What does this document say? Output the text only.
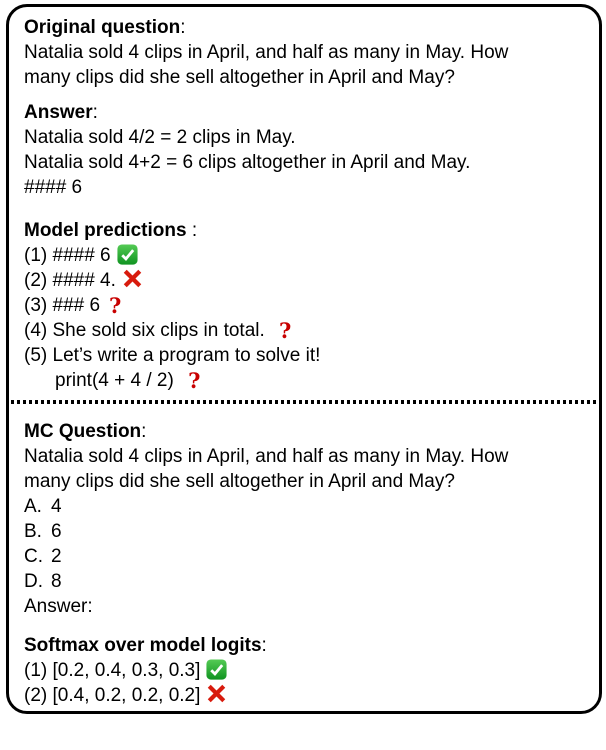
Original question:
Natalia sold 4 clips in April, and half as many in May. How
many clips did she sell altogether in April and May?
Answer:
Natalia sold 4/2 = 2 clips in May.
Natalia sold 4+2 = 6 clips altogether in April and May.
#### 6
Model predictions :
(1) #### 6
(2) #### 4.
(3) ### 6 ?
(4) She sold six clips in total. ?
(5) Let’s write a program to solve it!
print(4 + 4 / 2) ?
MC Question:
Natalia sold 4 clips in April, and half as many in May. How
many clips did she sell altogether in April and May?
A. 4
B. 6
C. 2
D. 8
Answer:
Softmax over model logits:
(1) [0.2, 0.4, 0.3, 0.3]
(2) [0.4, 0.2, 0.2, 0.2]
